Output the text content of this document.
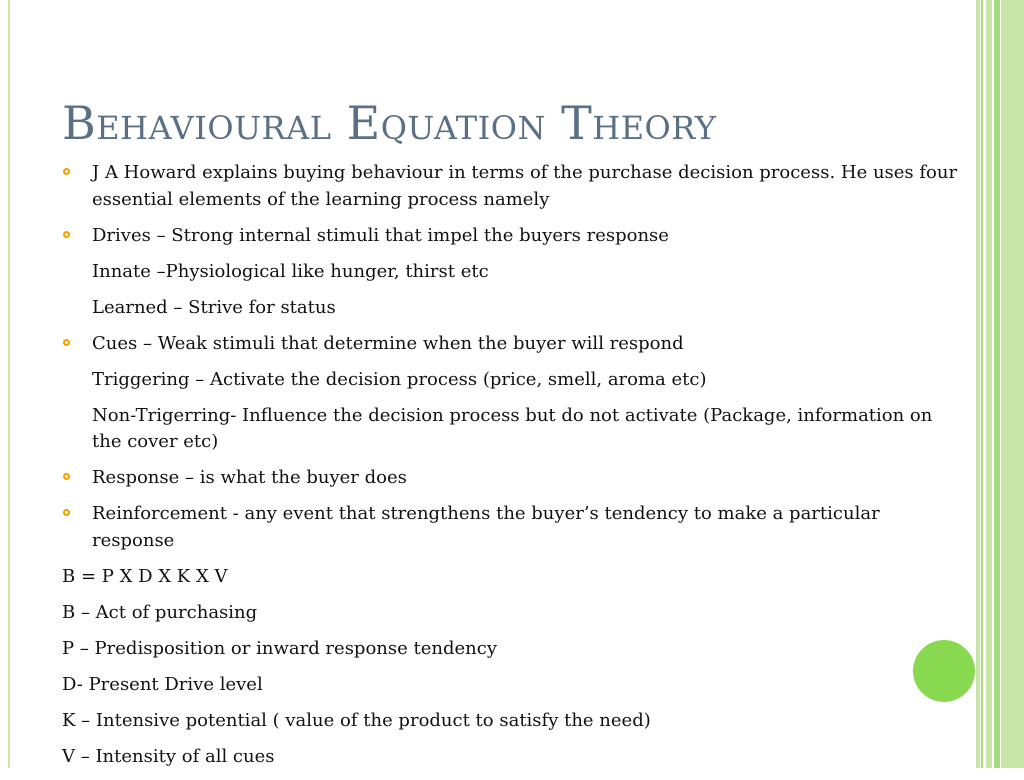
Behavioural Equation Theory
J A Howard explains buying behaviour in terms of the purchase decision process. He uses four essential elements of the learning process namely
Drives – Strong internal stimuli that impel the buyers response
Innate –Physiological like hunger, thirst etc
Learned – Strive for status
Cues – Weak stimuli that determine when the buyer will respond
Triggering – Activate the decision process (price, smell, aroma etc)
Non-Trigerring- Influence the decision process but do not activate (Package, information on the cover etc)
Response – is what the buyer does
Reinforcement - any event that strengthens the buyer’s tendency to make a particular response
B = P X D X K X V
B – Act of purchasing
P – Predisposition or inward response tendency
D- Present Drive level
K – Intensive potential ( value of the product to satisfy the need)
V – Intensity of all cues
